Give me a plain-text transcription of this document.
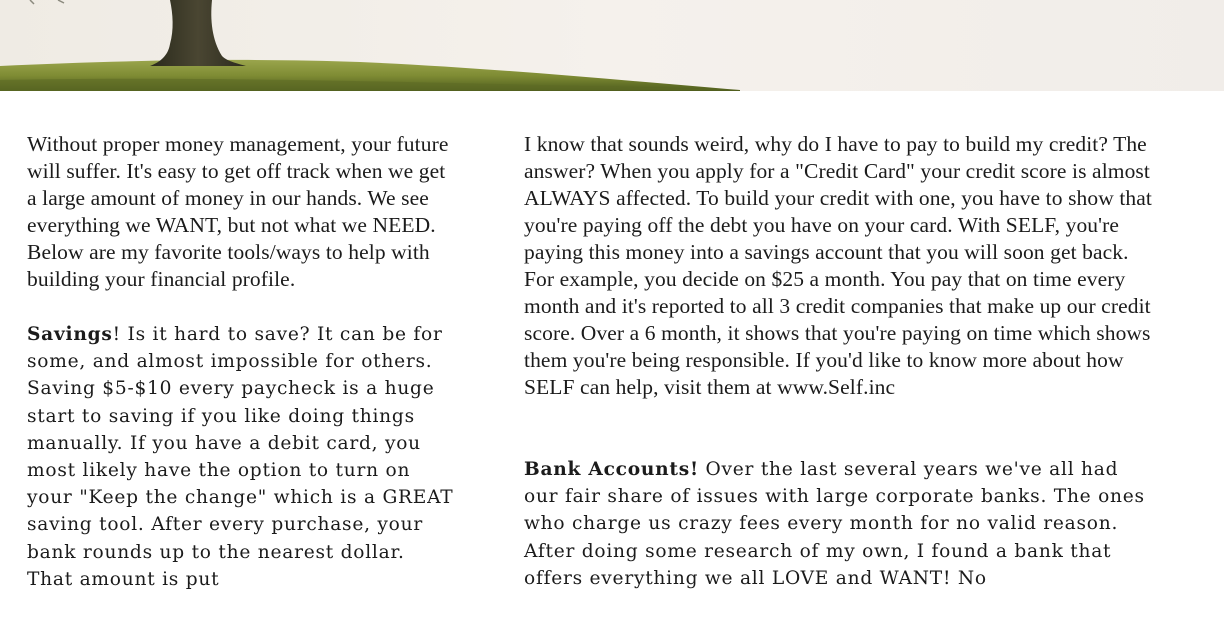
Without proper money management, your future will suffer. It's easy to get off track when we get a large amount of money in our hands. We see everything we WANT, but not what we NEED. Below are my favorite tools/ways to help with building your financial profile.

Savings! Is it hard to save? It can be for some, and almost impossible for others. Saving $5-$10 every paycheck is a huge start to saving if you like doing things manually. If you have a debit card, you most likely have the option to turn on your "Keep the change" which is a GREAT saving tool. After every purchase, your bank rounds up to the nearest dollar. That amount is put

I know that sounds weird, why do I have to pay to build my credit? The answer? When you apply for a "Credit Card" your credit score is almost ALWAYS affected. To build your credit with one, you have to show that you're paying off the debt you have on your card. With SELF, you're paying this money into a savings account that you will soon get back. For example, you decide on $25 a month. You pay that on time every month and it's reported to all 3 credit companies that make up our credit score. Over a 6 month, it shows that you're paying on time which shows them you're being responsible. If you'd like to know more about how SELF can help, visit them at www.Self.inc

Bank Accounts! Over the last several years we've all had our fair share of issues with large corporate banks. The ones who charge us crazy fees every month for no valid reason. After doing some research of my own, I found a bank that offers everything we all LOVE and WANT! No
